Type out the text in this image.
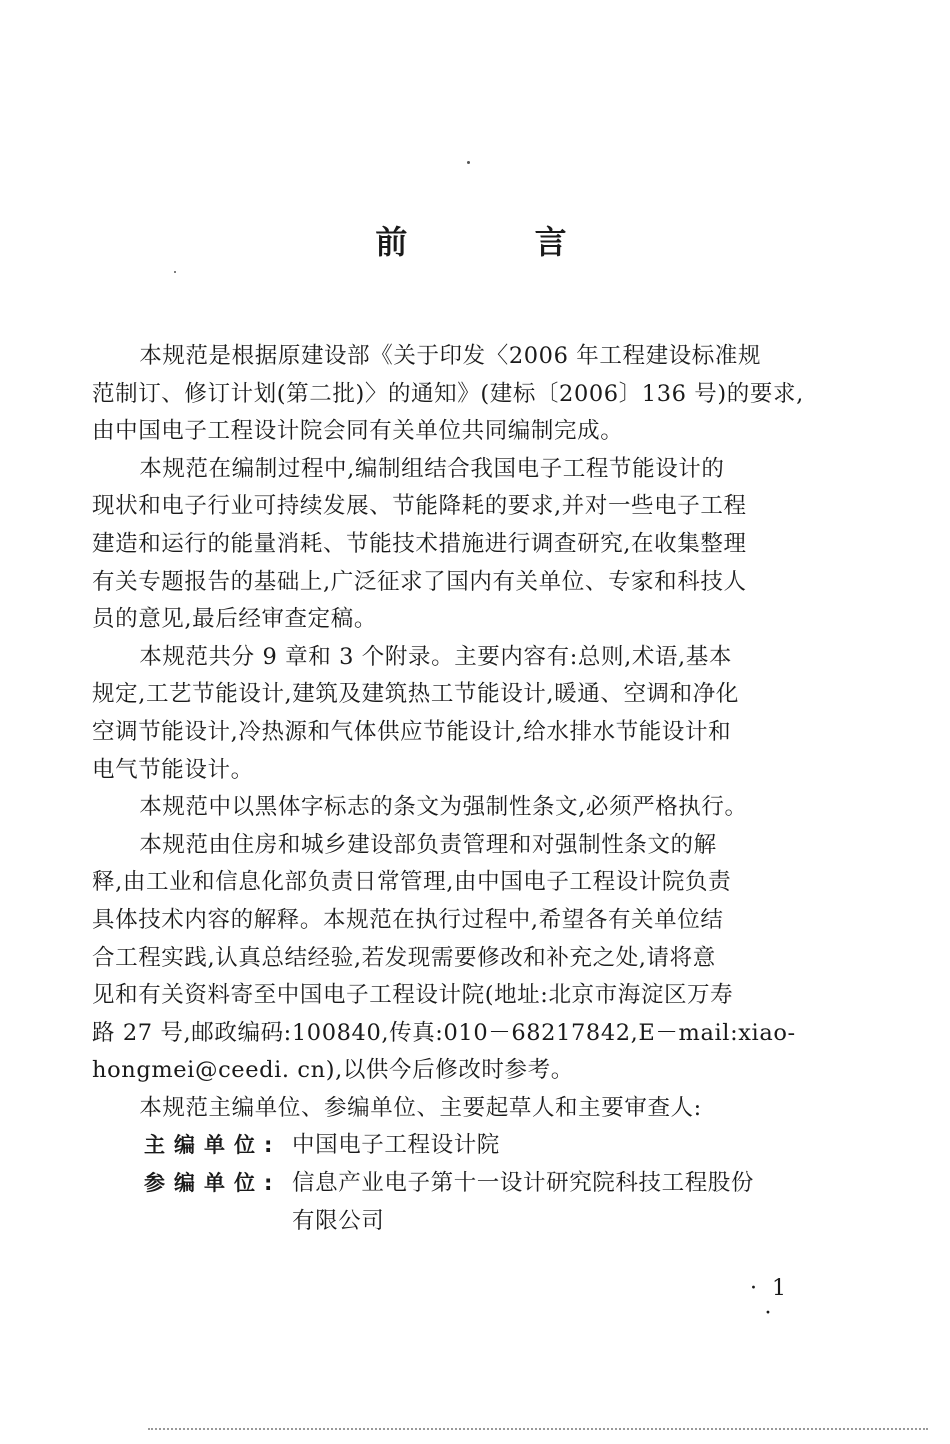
前 言

本规范是根据原建设部《关于印发〈2006 年工程建设标准规
范制订、修订计划(第二批)〉的通知》(建标〔2006〕136 号)的要求,
由中国电子工程设计院会同有关单位共同编制完成。

本规范在编制过程中,编制组结合我国电子工程节能设计的
现状和电子行业可持续发展、节能降耗的要求,并对一些电子工程
建造和运行的能量消耗、节能技术措施进行调查研究,在收集整理
有关专题报告的基础上,广泛征求了国内有关单位、专家和科技人
员的意见,最后经审查定稿。

本规范共分 9 章和 3 个附录。主要内容有:总则,术语,基本
规定,工艺节能设计,建筑及建筑热工节能设计,暖通、空调和净化
空调节能设计,冷热源和气体供应节能设计,给水排水节能设计和
电气节能设计。

本规范中以黑体字标志的条文为强制性条文,必须严格执行。

本规范由住房和城乡建设部负责管理和对强制性条文的解
释,由工业和信息化部负责日常管理,由中国电子工程设计院负责
具体技术内容的解释。本规范在执行过程中,希望各有关单位结
合工程实践,认真总结经验,若发现需要修改和补充之处,请将意
见和有关资料寄至中国电子工程设计院(地址:北京市海淀区万寿
路 27 号,邮政编码:100840,传真:010－68217842,E－mail:xiao-
hongmei@ceedi. cn),以供今后修改时参考。

本规范主编单位、参编单位、主要起草人和主要审查人:

主编单位: 中国电子工程设计院
参编单位: 信息产业电子第十一设计研究院科技工程股份
有限公司
· 1 ·
